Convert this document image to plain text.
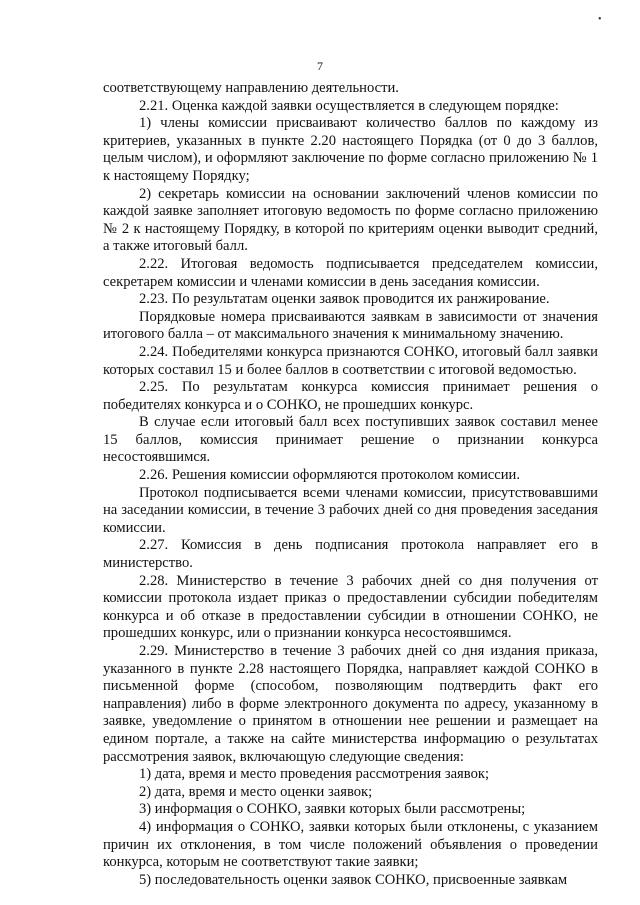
•
7

соответствующему направлению деятельности.

2.21. Оценка каждой заявки осуществляется в следующем порядке:

1) члены комиссии присваивают количество баллов по каждому из критериев, указанных в пункте 2.20 настоящего Порядка (от 0 до 3 баллов, целым числом), и оформляют заключение по форме согласно приложению № 1 к настоящему Порядку;

2) секретарь комиссии на основании заключений членов комиссии по каждой заявке заполняет итоговую ведомость по форме согласно приложению № 2 к настоящему Порядку, в которой по критериям оценки выводит средний, а также итоговый балл.

2.22. Итоговая ведомость подписывается председателем комиссии, секретарем комиссии и членами комиссии в день заседания комиссии.

2.23. По результатам оценки заявок проводится их ранжирование.

Порядковые номера присваиваются заявкам в зависимости от значения итогового балла – от максимального значения к минимальному значению.

2.24. Победителями конкурса признаются СОНКО, итоговый балл заявки которых составил 15 и более баллов в соответствии с итоговой ведомостью.

2.25. По результатам конкурса комиссия принимает решения о победителях конкурса и о СОНКО, не прошедших конкурс.

В случае если итоговый балл всех поступивших заявок составил менее 15 баллов, комиссия принимает решение о признании конкурса несостоявшимся.

2.26. Решения комиссии оформляются протоколом комиссии.

Протокол подписывается всеми членами комиссии, присутствовавшими на заседании комиссии, в течение 3 рабочих дней со дня проведения заседания комиссии.

2.27. Комиссия в день подписания протокола направляет его в министерство.

2.28. Министерство в течение 3 рабочих дней со дня получения от комиссии протокола издает приказ о предоставлении субсидии победителям конкурса и об отказе в предоставлении субсидии в отношении СОНКО, не прошедших конкурс, или о признании конкурса несостоявшимся.

2.29. Министерство в течение 3 рабочих дней со дня издания приказа, указанного в пункте 2.28 настоящего Порядка, направляет каждой СОНКО в письменной форме (способом, позволяющим подтвердить факт его направления) либо в форме электронного документа по адресу, указанному в заявке, уведомление о принятом в отношении нее решении и размещает на едином портале, а также на сайте министерства информацию о результатах рассмотрения заявок, включающую следующие сведения:

1) дата, время и место проведения рассмотрения заявок;

2) дата, время и место оценки заявок;

3) информация о СОНКО, заявки которых были рассмотрены;

4) информация о СОНКО, заявки которых были отклонены, с указанием причин их отклонения, в том числе положений объявления о проведении конкурса, которым не соответствуют такие заявки;

5) последовательность оценки заявок СОНКО, присвоенные заявкам
